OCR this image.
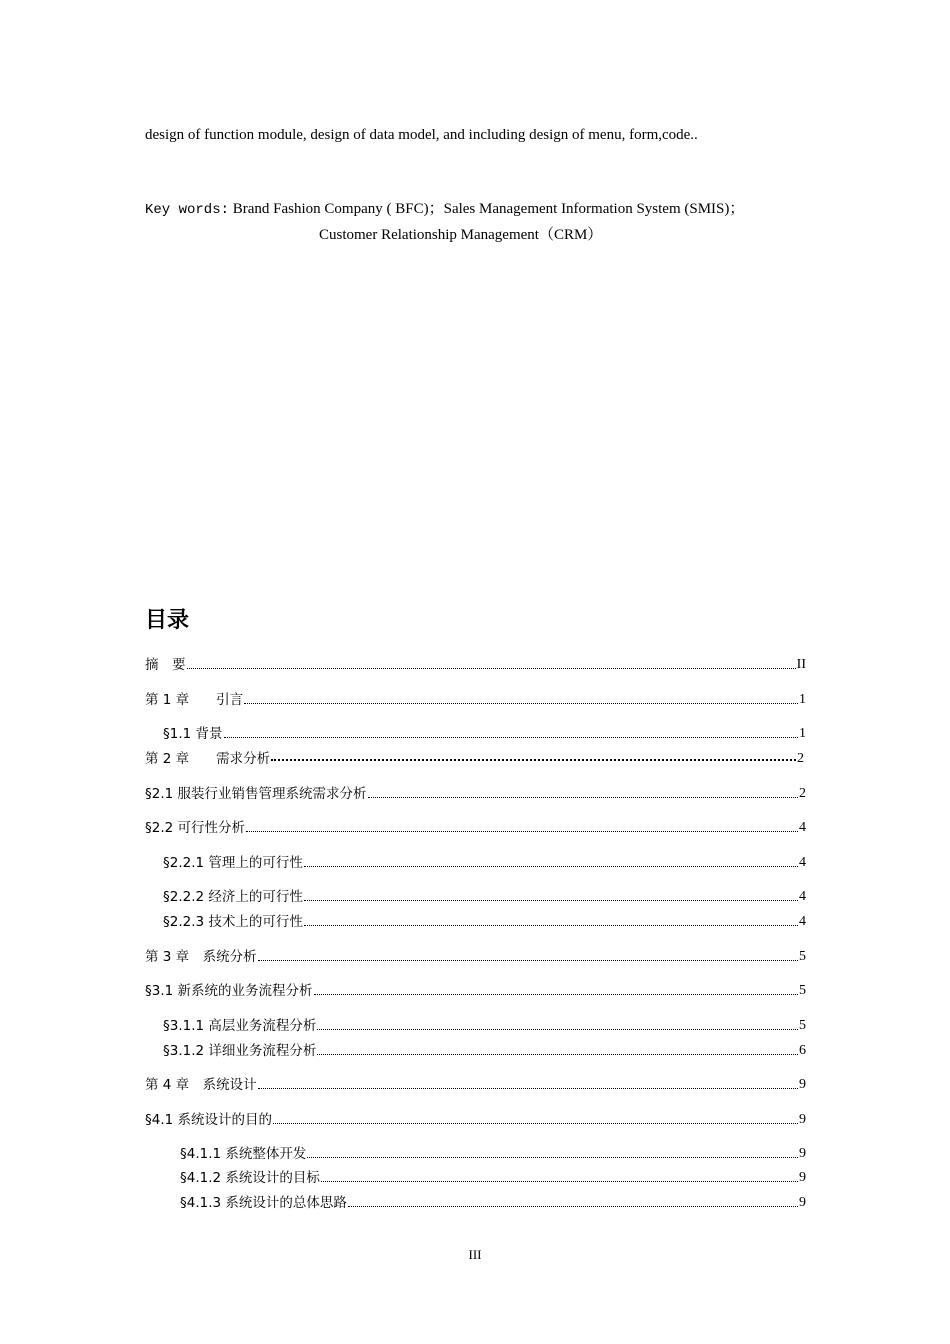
design of function module, design of data model, and including design of menu, form,code..
Key words: Brand Fashion Company ( BFC)；Sales Management Information System (SMIS)；
Customer Relationship Management（CRM）
目录
摘　要	II
第 1 章　　引言	1
§1.1 背景	1
第 2 章　　需求分析	2
§2.1 服装行业销售管理系统需求分析	2
§2.2 可行性分析	4
§2.2.1 管理上的可行性	4
§2.2.2 经济上的可行性	4
§2.2.3 技术上的可行性	4
第 3 章　系统分析	5
§3.1 新系统的业务流程分析	5
§3.1.1 高层业务流程分析	5
§3.1.2 详细业务流程分析	6
第 4 章　系统设计	9
§4.1 系统设计的目的	9
§4.1.1 系统整体开发	9
§4.1.2 系统设计的目标	9
§4.1.3 系统设计的总体思路	9
III
